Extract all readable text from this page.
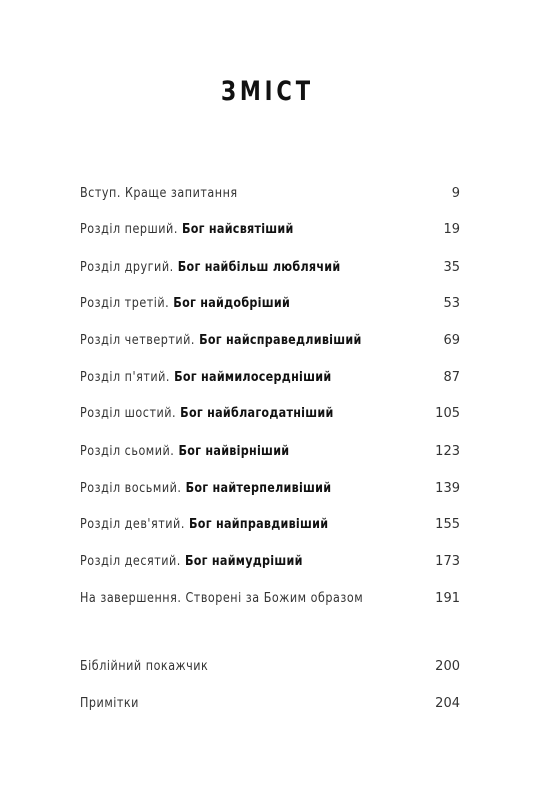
ЗМІСТ
Вступ. Краще запитання	9
Розділ перший. Бог найсвятіший	19
Розділ другий. Бог найбільш люблячий	35
Розділ третій. Бог найдобріший	53
Розділ четвертий. Бог найсправедливіший	69
Розділ п'ятий. Бог наймилосердніший	87
Розділ шостий. Бог найблагодатніший	105
Розділ сьомий. Бог найвірніший	123
Розділ восьмий. Бог найтерпеливіший	139
Розділ дев'ятий. Бог найправдивіший	155
Розділ десятий. Бог наймудріший	173
На завершення. Створені за Божим образом	191
Біблійний покажчик	200
Примітки	204
